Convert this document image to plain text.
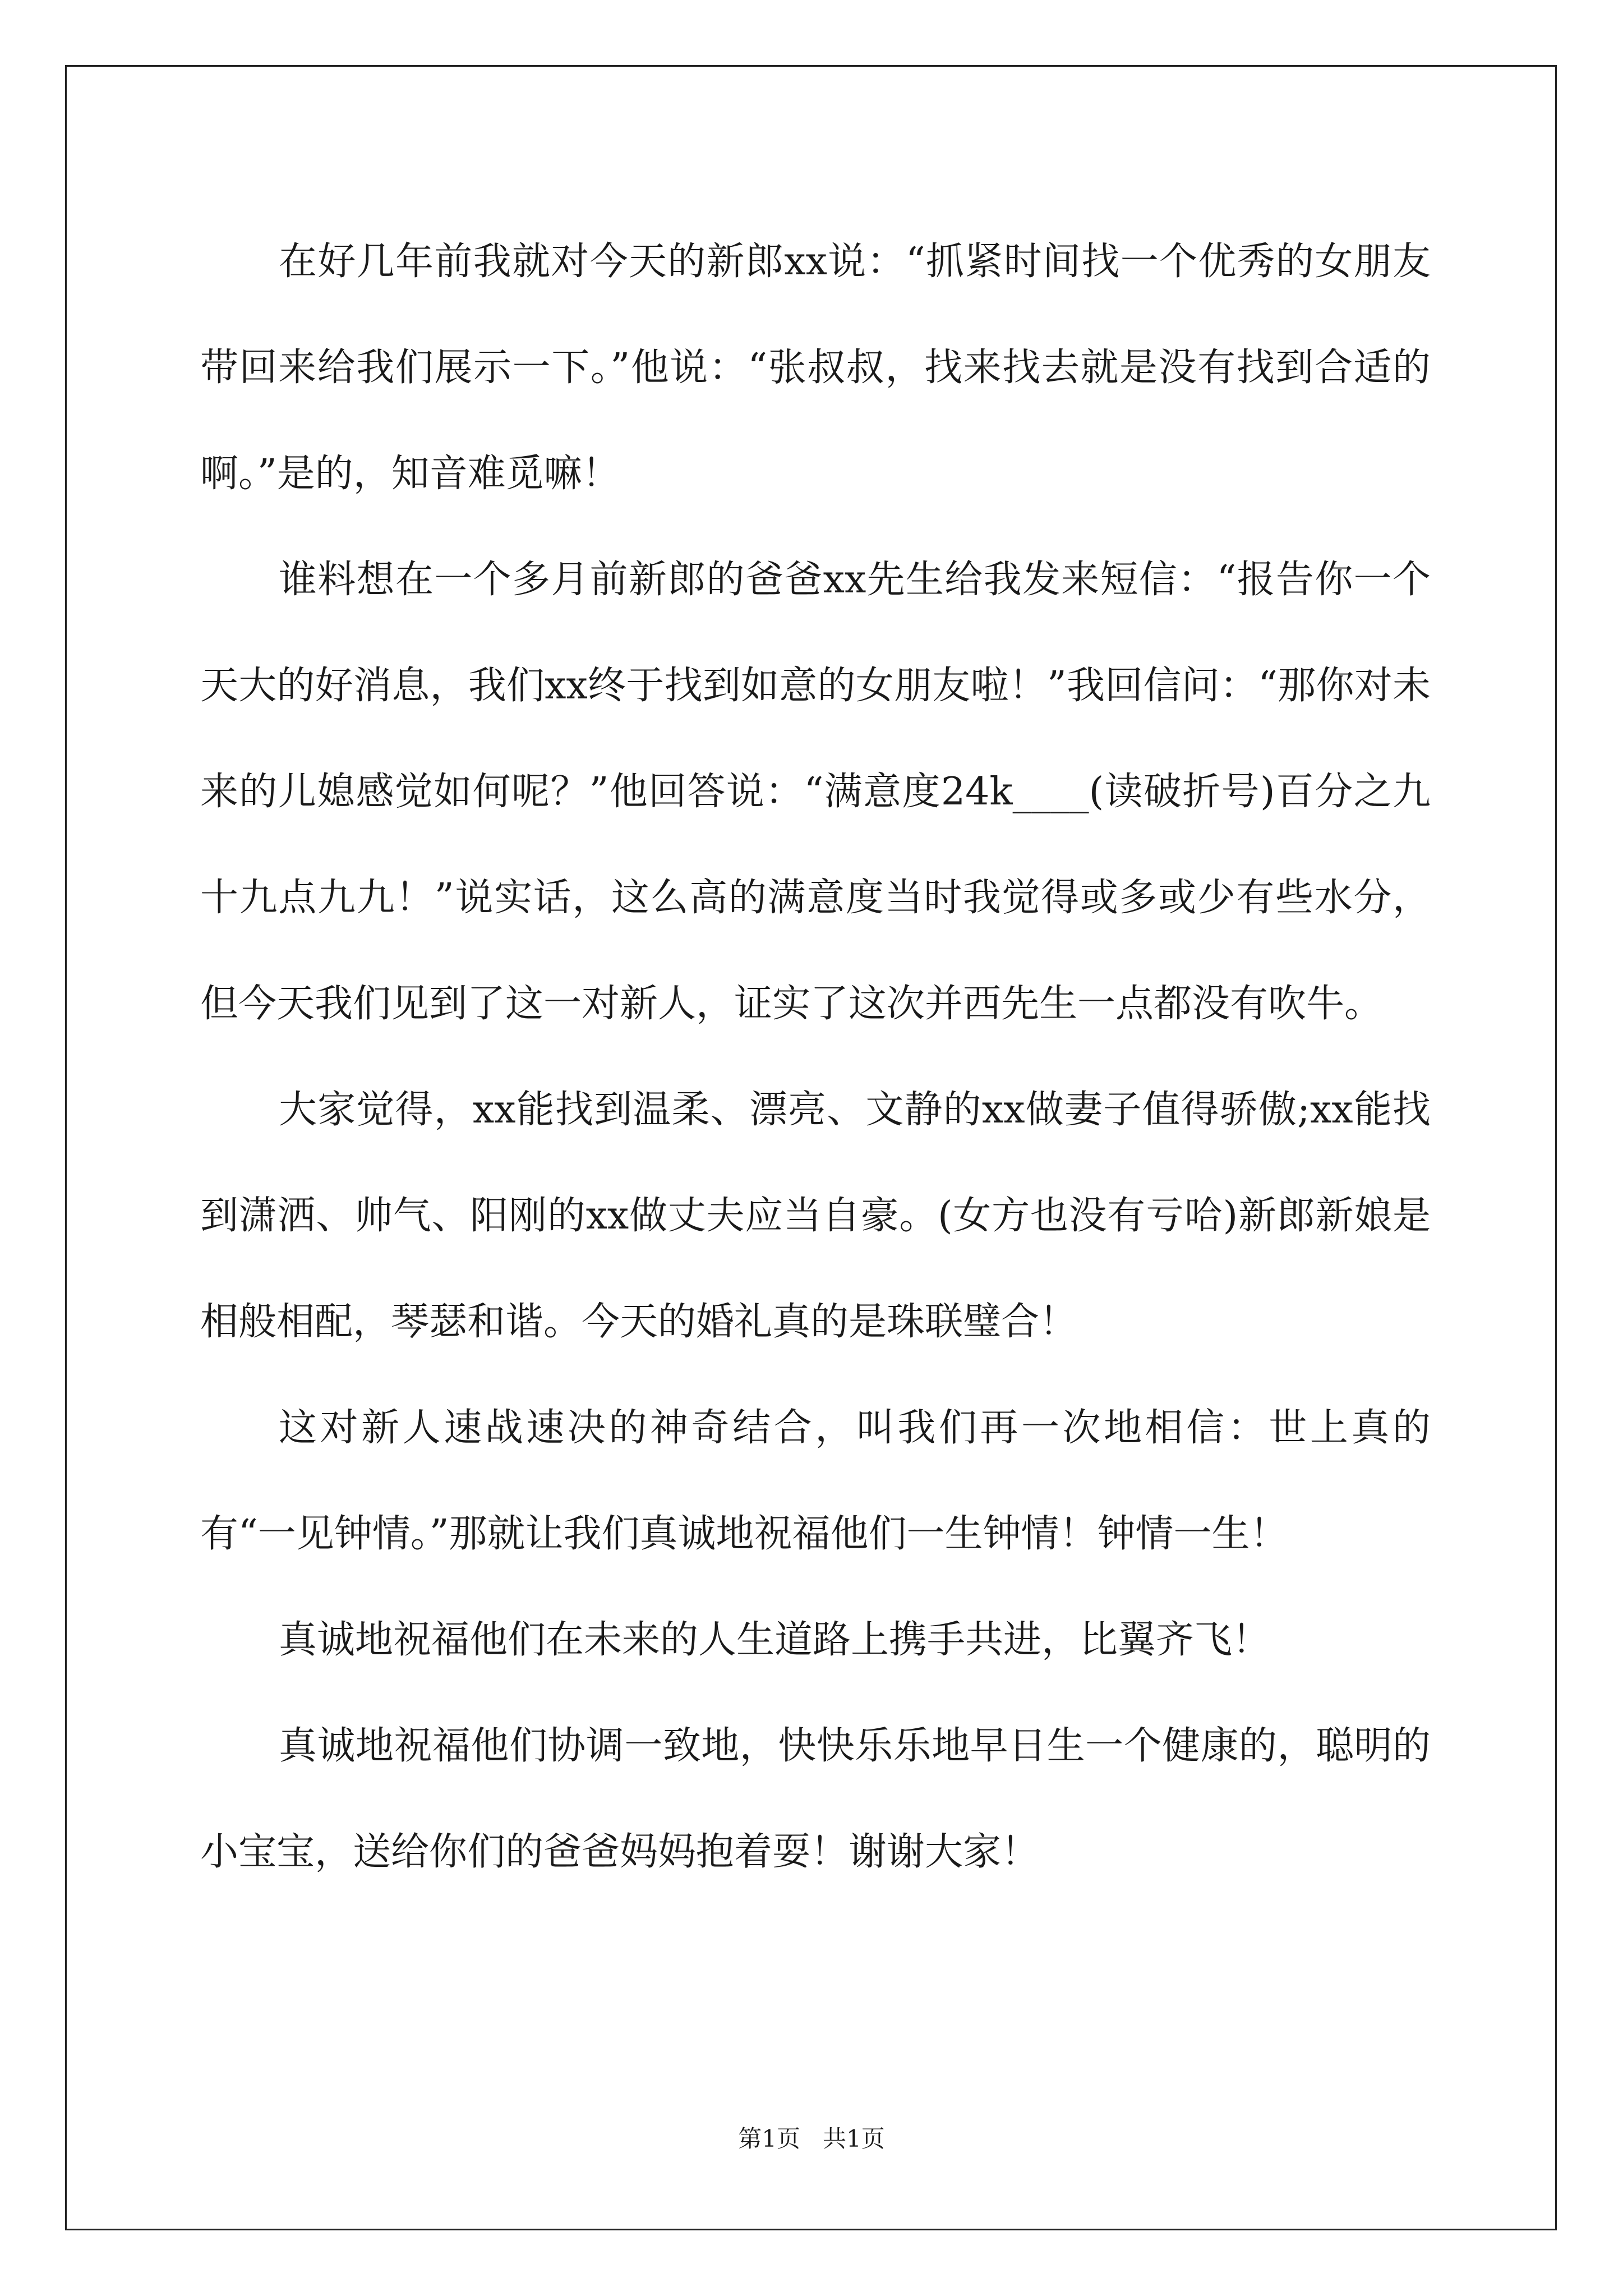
在好几年前我就对今天的新郎xx说：“抓紧时间找一个优秀的女朋友带回来给我们展示一下。”他说：“张叔叔，找来找去就是没有找到合适的啊。”是的，知音难觅嘛！

谁料想在一个多月前新郎的爸爸xx先生给我发来短信：“报告你一个天大的好消息，我们xx终于找到如意的女朋友啦！”我回信问：“那你对未来的儿媳感觉如何呢？”他回答说：“满意度24k____(读破折号)百分之九十九点九九！”说实话，这么高的满意度当时我觉得或多或少有些水分，但今天我们见到了这一对新人，证实了这次并西先生一点都没有吹牛。

大家觉得，xx能找到温柔、漂亮、文静的xx做妻子值得骄傲;xx能找到潇洒、帅气、阳刚的xx做丈夫应当自豪。(女方也没有亏哈)新郎新娘是相般相配，琴瑟和谐。今天的婚礼真的是珠联璧合！

这对新人速战速决的神奇结合，叫我们再一次地相信：世上真的有“一见钟情。”那就让我们真诚地祝福他们一生钟情！钟情一生！

真诚地祝福他们在未来的人生道路上携手共进，比翼齐飞！

真诚地祝福他们协调一致地，快快乐乐地早日生一个健康的，聪明的小宝宝，送给你们的爸爸妈妈抱着耍！谢谢大家！

第1页   共1页
